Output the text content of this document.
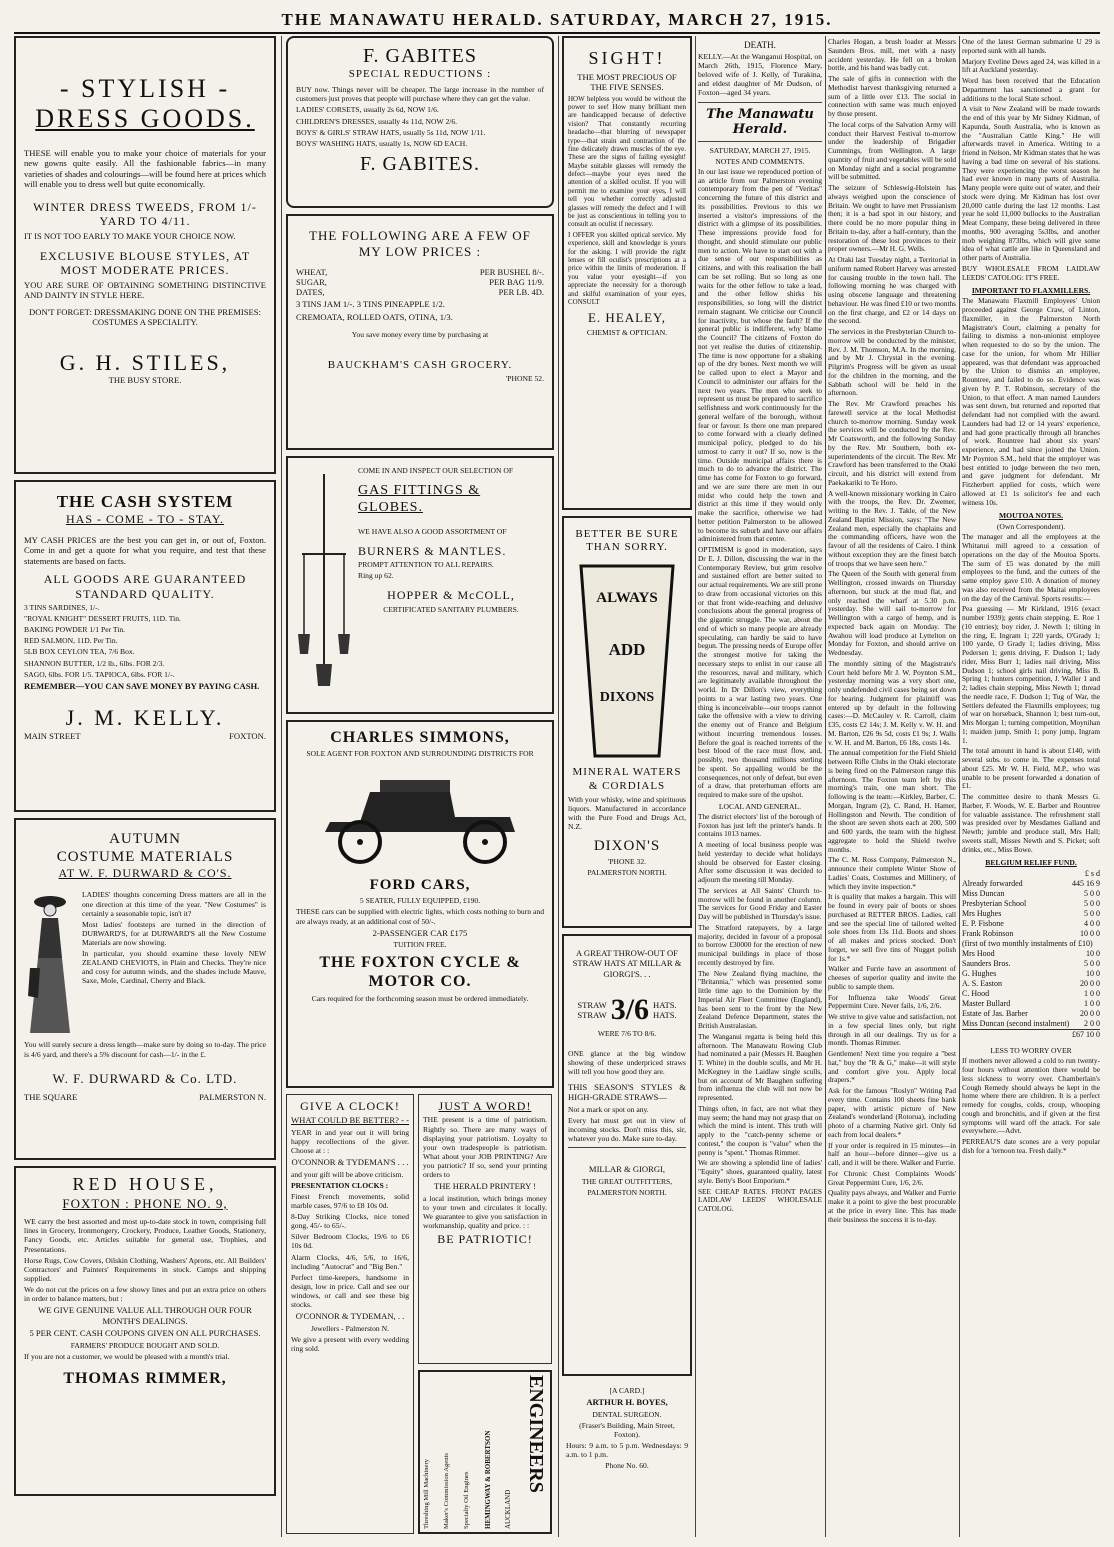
THE MANAWATU HERALD. SATURDAY, MARCH 27, 1915.
- STYLISH -
DRESS GOODS.

THESE will enable you to make your choice of materials for your new gowns quite easily. All the fashionable fabrics—in many varieties of shades and colourings—will be found here at prices which will enable you to dress well but quite economically.

WINTER DRESS TWEEDS, FROM 1/- YARD TO 4/11.

IT IS NOT TOO EARLY TO MAKE YOUR CHOICE NOW.

EXCLUSIVE BLOUSE STYLES, AT MOST MODERATE PRICES.

YOU ARE SURE OF OBTAINING SOMETHING DISTINCTIVE AND DAINTY IN STYLE HERE.

DON'T FORGET: DRESSMAKING DONE ON THE PREMISES: COSTUMES A SPECIALITY.

G. H. STILES,
THE BUSY STORE.
THE CASH SYSTEM
HAS - COME - TO - STAY.

MY CASH PRICES are the best you can get in, or out of, Foxton. Come in and get a quote for what you require, and test that these statements are based on facts.

ALL GOODS ARE GUARANTEED STANDARD QUALITY.

3 TINS SARDINES, 1/-.

"ROYAL KNIGHT" DESSERT FRUITS, 11D. Tin.

BAKING POWDER 1/1 Per Tin.

RED SALMON, 11D. Per Tin.

5LB BOX CEYLON TEA, 7/6 Box.

SHANNON BUTTER, 1/2 lb., 6lbs. FOR 2/3.

SAGO, 6lbs. FOR 1/5. TAPIOCA, 6lbs. FOR 1/-.

REMEMBER—YOU CAN SAVE MONEY BY PAYING CASH.

J. M. KELLY.
MAIN STREET	FOXTON.
AUTUMN
COSTUME MATERIALS
AT W. F. DURWARD & CO'S.

LADIES' thoughts concerning Dress matters are all in the one direction at this time of the year. "New Costumes" is certainly a seasonable topic, isn't it?

Most ladies' footsteps are turned in the direction of DURWARD'S, for at DURWARD'S all the New Costume Materials are now showing.

In particular, you should examine these lovely NEW ZEALAND CHEVIOTS, in Plain and Checks. They're nice and cosy for autumn winds, and the shades include Mauve, Saxe, Mole, Cardinal, Cherry and Black.

You will surely secure a dress length—make sure by doing so to-day. The price is 4/6 yard, and there's a 5% discount for cash—1/- in the £.

W. F. DURWARD & Co. LTD.
THE SQUARE	PALMERSTON N.
RED HOUSE,
FOXTON : PHONE NO. 9,

WE carry the best assorted and most up-to-date stock in town, comprising full lines in Grocery, Ironmongery, Crockery, Produce, Leather Goods, Stationery, Fancy Goods, etc. Articles suitable for general use, Trophies, and Presentations.

Horse Rugs, Cow Covers, Oilskin Clothing, Washers' Aprons, etc. All Builders' Contractors' and Painters' Requirements in stock. Camps and shipping supplied.

We do not cut the prices on a few showy lines and put an extra price on others in order to balance matters, but :

WE GIVE GENUINE VALUE ALL THROUGH OUR FOUR MONTH'S DEALINGS.

5 PER CENT. CASH COUPONS GIVEN ON ALL PURCHASES.

FARMERS' PRODUCE BOUGHT AND SOLD.

If you are not a customer, we would be pleased with a month's trial.

THOMAS RIMMER,
F. GABITES
SPECIAL REDUCTIONS :

BUY now. Things never will be cheaper. The large increase in the number of customers just proves that people will purchase where they can get the value.

LADIES' CORSETS, usually 2s 6d, NOW 1/6.

CHILDREN'S DRESSES, usually 4s 11d, NOW 2/6.

BOYS' & GIRLS' STRAW HATS, usually 5s 11d, NOW 1/11.

BOYS' WASHING HATS, usually 1s, NOW 6D EACH.

F. GABITES.
THE FOLLOWING ARE A FEW OF MY LOW PRICES :
WHEAT,	PER BUSHEL 8/-.
SUGAR,	PER BAG 11/9.
DATES,	PER LB. 4D.

3 TINS JAM 1/-. 3 TINS PINEAPPLE 1/2.

CREMOATA, ROLLED OATS, OTINA, 1/3.

You save money every time by purchasing at

BAUCKHAM'S CASH GROCERY.

'PHONE 52.

COME IN AND INSPECT OUR SELECTION OF

GAS FITTINGS & GLOBES.

WE HAVE ALSO A GOOD ASSORTMENT OF

BURNERS & MANTLES.

PROMPT ATTENTION TO ALL REPAIRS.

Ring up 62.

HOPPER & McCOLL,

CERTIFICATED SANITARY PLUMBERS.

CHARLES SIMMONS,

SOLE AGENT FOR FOXTON AND SURROUNDING DISTRICTS FOR

FORD CARS,

5 SEATER, FULLY EQUIPPED, £190.

THESE cars can be supplied with electric lights, which costs nothing to burn and are always ready, at an additional cost of 50/-.

2-PASSENGER CAR £175

TUITION FREE.

THE FOXTON CYCLE & MOTOR CO.

Cars required for the forthcoming season must be ordered immediately.

GIVE A CLOCK!

WHAT COULD BE BETTER? - -

YEAR in and year out it will bring happy recollections of the giver. Choose at : :

O'CONNOR & TYDEMAN'S . . .

and your gift will be above criticism.

PRESENTATION CLOCKS :

Finest French movements, solid marble cases, 97/6 to £8 10s 0d.

8-Day Striking Clocks, nice toned gong, 45/- to 65/-.

Silver Bedroom Clocks, 19/6 to £6 10s 0d.

Alarm Clocks, 4/6, 5/6, to 16/6, including "Autocrat" and "Big Ben."

Perfect time-keepers, handsome in design, low in price. Call and see our windows, or call and see these big stocks.

O'CONNOR & TYDEMAN, . .

Jewellers - Palmerston N.

We give a present with every wedding ring sold.

JUST A WORD!

THE present is a time of patriotism. Rightly so. There are many ways of displaying your patriotism. Loyalty to your own tradespeople is patriotism. What about your JOB PRINTING? Are you patriotic? If so, send your printing orders to

THE HERALD PRINTERY !

a local institution, which brings money to your town and circulates it locally. We guarantee to give you satisfaction in workmanship, quality and price. : :

BE PATRIOTIC!

Threshing Mill Machinery	Maker's Commission Agents	Specialty Oil Engines	HEMINGWAY & ROBERTSON	AUCKLAND
ENGINEERS
SIGHT!

THE MOST PRECIOUS OF THE FIVE SENSES.

HOW helpless you would be without the power to see! How many brilliant men are handicapped because of defective vision? That constantly recurring headache—that blurring of newspaper type—that strain and contraction of the fine delicately drawn muscles of the eye. These are the signs of failing eyesight! Maybe suitable glasses will remedy the defect—maybe your eyes need the attention of a skilled oculist. If you will permit me to examine your eyes, I will tell you whether correctly adjusted glasses will remedy the defect and I will be just as conscientious in telling you to consult an oculist if necessary.

I OFFER you skilled optical service. My experience, skill and knowledge is yours for the asking. I will provide the right lenses or fill oculist's prescriptions at a price within the limits of moderation. If you value your eyesight—if you appreciate the necessity for a thorough and skilful examination of your eyes, CONSULT

E. HEALEY,

CHEMIST & OPTICIAN.

BETTER BE SURE THAN SORRY.
ALWAYS
ADD
DIXONS
MINERAL WATERS & CORDIALS

With your whisky, wine and spirituous liquors. Manufactured in accordance with the Pure Food and Drugs Act, N.Z.

DIXON'S

'PHONE 32.

PALMERSTON NORTH.

A GREAT THROW-OUT OF STRAW HATS AT MILLAR & GIORGI'S. . .

STRAW
STRAW 3/6 HATS.
HATS.

WERE 7/6 TO 8/6.

ONE glance at the big window showing of these underpriced straws will tell you how good they are.

THIS SEASON'S STYLES & HIGH-GRADE STRAWS—

Not a mark or spot on any.

Every hat must get out in view of incoming stocks. Don't miss this, sir, whatever you do. Make sure to-day.

MILLAR & GIORGI,

THE GREAT OUTFITTERS,

PALMERSTON NORTH.

[A CARD.]

ARTHUR H. BOYES,

DENTAL SURGEON.

(Fraser's Building, Main Street, Foxton).

Hours: 9 a.m. to 5 p.m. Wednesdays: 9 a.m. to 1 p.m.

Phone No. 60.

DEATH.

KELLY.—At the Wanganui Hospital, on March 26th, 1915, Florence Mary, beloved wife of J. Kelly, of Turakina, and eldest daughter of Mr Dudson, of Foxton—aged 34 years.

The Manawatu Herald.

SATURDAY, MARCH 27, 1915.

NOTES AND COMMENTS.

In our last issue we reproduced portion of an article from our Palmerston evening contemporary from the pen of "Veritas" concerning the future of this district and its possibilities. Previous to this we inserted a visitor's impressions of the district with a glimpse of its possibilities. These impressions provide food for thought, and should stimulate our public men to action. We have to start out with a due sense of our responsibilities as citizens, and with this realisation the ball can be set rolling. But so long as one waits for the other fellow to take a lead, and the other fellow shirks his responsibilities, so long will the district remain stagnant. We criticise our Council for inactivity, but whose the fault? If the general public is indifferent, why blame the Council? The citizens of Foxton do not yet realise the duties of citizenship. The time is now opportune for a shaking up of the dry bones. Next month we will be called upon to elect a Mayor and Council to administer our affairs for the next two years. The men who seek to represent us must be prepared to sacrifice selfishness and work continuously for the general welfare of the borough, without fear or favour. Is there one man prepared to come forward with a clearly defined municipal policy, pledged to do his utmost to carry it out? If so, now is the time. Outside municipal affairs there is much to do to advance the district. The time has come for Foxton to go forward, and we are sure there are men in our midst who could help the town and district at this time if they would only make the sacrifice, otherwise we had better petition Palmerston to be allowed to become its suburb and have our affairs administered from that centre.

OPTIMISM is good in moderation, says Dr E. J. Dillon, discussing the war in the Contemporary Review, but grim resolve and sustained effort are better suited to our actual requirements. We are still prone to draw from occasional victories on this or that front wide-reaching and delusive conclusions about the general progress of the gigantic struggle. The war, about the end of which so many people are already speculating, can hardly be said to have begun. The pressing needs of Europe offer the strongest motive for taking the necessary steps to enlist in our cause all the resources, naval and military, which are legitimately available throughout the world. In Dr Dillon's view, everything points to a war lasting two years. One thing is inconceivable—our troops cannot take the offensive with a view to driving the enemy out of France and Belgium without incurring tremendous losses. Before the goal is reached torrents of the best blood of the race must flow, and, possibly, two thousand millions sterling be spent. So appalling would be the consequences, not only of defeat, but even of a draw, that preterhuman efforts are required to make sure of the upshot.

LOCAL AND GENERAL.

The district electors' list of the borough of Foxton has just left the printer's hands. It contains 1013 names.

A meeting of local business people was held yesterday to decide what holidays should be observed for Easter closing. After some discussion it was decided to adjourn the meeting till Monday.

The services at All Saints' Church to-morrow will be found in another column. The services for Good Friday and Easter Day will be published in Thursday's issue.

The Stratford ratepayers, by a large majority, decided in favour of a proposal to borrow £30000 for the erection of new municipal buildings in place of those recently destroyed by fire.

The New Zealand flying machine, the "Britannia," which was presented some little time ago to the Dominion by the Imperial Air Fleet Committee (England), has been sent to the front by the New Zealand Defence Department, states the British Australasian.

The Wanganui regatta is being held this afternoon. The Manawatu Rowing Club had nominated a pair (Messrs H. Baughen T. White) in the double sculls, and Mr H. McKegney in the Laidlaw single sculls, but on account of Mr Baughen suffering from influenza the club will not now be represented.

Things often, in fact, are not what they may seem; the hand may not grasp that on which the mind is intent. This truth will apply to the "catch-penny scheme or contest," the coupon is "value" when the penny is "spent." Thomas Rimmer.

We are showing a splendid line of ladies' "Equity" shoes, guaranteed quality, latest style. Betty's Boot Emporium.*

SEE CHEAP RATES. FRONT PAGES LAIDLAW LEEDS' WHOLESALE CATOLOG.

Charles Hogan, a brush loader at Messrs Saunders Bros. mill, met with a nasty accident yesterday. He fell on a broken bottle, and his hand was badly cut.

The sale of gifts in connection with the Methodist harvest thanksgiving returned a sum of a little over £13. The social in connection with same was much enjoyed by those present.

The local corps of the Salvation Army will conduct their Harvest Festival to-morrow under the leadership of Brigadier Cummings, from Wellington. A large quantity of fruit and vegetables will be sold on Monday night and a social programme will be submitted.

The seizure of Schleswig-Holstein has always weighed upon the conscience of Britain. We ought to have met Prussianism then; it is a bad spot in our history, and there could be no more popular thing in Britain to-day, after a half-century, than the restoration of these lost provinces to their proper owners.—Mr H. G. Wells.

At Otaki last Tuesday night, a Territorial in uniform named Robert Harvey was arrested for causing trouble in the town hall. The following morning he was charged with using obscene language and threatening behaviour. He was fined £10 or two months on the first charge, and £2 or 14 days on the second.

The services in the Presbyterian Church to-morrow will be conducted by the minister, Rev. J. M. Thomson, M.A. In the morning, and by Mr J. Chrystal in the evening. Pilgrim's Progress will be given as usual for the children in the morning, and the Sabbath school will be held in the afternoon.

The Rev. Mr Crawford preaches his farewell service at the local Methodist church to-morrow morning. Sunday week the services will be conducted by the Rev. Mr Coatsworth, and the following Sunday by the Rev. Mr Southern, both ex-superintendents of the circuit. The Rev. Mr Crawford has been transferred to the Otaki circuit, and his district will extend from Paekakariki to Te Horo.

A well-known missionary working in Cairo with the troops, the Rev. Dr. Zwemer, writing to the Rev. J. Takle, of the New Zealand Baptist Mission, says: "The New Zealand men, especially the chaplains and the commanding officers, have won the favour of all the residents of Cairo. I think without exception they are the finest batch of troops that we have seen here."

The Queen of the South with general from Wellington, crossed inwards on Thursday afternoon, but stuck at the mud flat, and only reached the wharf at 5.30 p.m. yesterday. She will sail to-morrow for Wellington with a cargo of hemp, and is expected back again on Monday. The Awahou will load produce at Lyttelton on Monday for Foxton, and should arrive on Wednesday.

The monthly sitting of the Magistrate's Court held before Mr J. W. Poynton S.M., yesterday morning was a very short one, only undefended civil cases being set down for hearing. Judgment for plaintiff was entered up by default in the following cases:—D. McCauley v. R. Carroll, claim £35, costs £2 14s; J. M. Kelly v. W. H. and M. Barton, £26 9s 5d, costs £1 9s; J. Walls v. W. H. and M. Barton, £6 18s, costs 14s.

The annual competition for the Field Shield between Rifle Clubs in the Otaki electorate is being fired on the Palmerston range this afternoon. The Foxton team left by this morning's train, one man short. The following is the team:—Kirkley, Barber, C. Morgan, Ingram (2), C. Rand, H. Hamer, Hollingston and Newth. The condition of the shoot are seven shots each at 200, 500 and 600 yards, the team with the highest aggregate to hold the Shield twelve months.

The C. M. Ross Company, Palmerston N., announce their complete Winter Show of Ladies' Coats, Costumes and Millinery, of which they invite inspection.*

It is quality that makes a bargain. This will be found in every pair of boots or shoes purchased at RETTER BROS. Ladies, call and see the special line of tailored welted sole shoes from 13s 11d. Boots and shoes of all makes and prices stocked. Don't forget, we sell five tins of Nugget polish for 1s.*

Walker and Furrie have an assortment of cheeses of superior quality and invite the public to sample them.

For Influenza take Woods' Great Peppermint Cure. Never fails, 1/6, 2/6.

We strive to give value and satisfaction, not in a few special lines only, but right through in all our dealings. Try us for a month. Thomas Rimmer.

Gentlemen! Next time you require a "best hat," buy the "R & G," make—it will style and comfort give you. Apply local drapers.*

Ask for the famous "Roslyn" Writing Pad every time. Contains 100 sheets fine bank paper, with artistic picture of New Zealand's wonderland (Rotorua), including photo of a charming Native girl. Only 6d each from local dealers.*

If your order is required in 15 minutes—in half an hour—before dinner—give us a call, and it will be there. Walker and Furrie.

For Chronic Chest Complaints Woods' Great Peppermint Cure, 1/6, 2/6.

Quality pays always, and Walker and Furrie make it a point to give the best procurable at the price in every line. This has made their business the success it is to-day.

One of the latest German submarine U 29 is reported sunk with all hands.

Marjory Eveline Dews aged 24, was killed in a lift at Auckland yesterday.

Word has been received that the Education Department has sanctioned a grant for additions to the local State school.

A visit to New Zealand will be made towards the end of this year by Mr Sidney Kidman, of Kapunda, South Australia, who is known as the "Australian Cattle King." He will afterwards travel in America. Writing to a friend in Nelson, Mr Kidman states that he was having a bad time on several of his stations. They were experiencing the worst season he had ever known in many parts of Australia. Many people were quite out of water, and their stock were dying. Mr Kidman has lost over 20,000 cattle during the last 12 months. Last year he sold 11,000 bullocks to the Australian Meat Company, these being delivered in three months, 900 averaging 5s3lbs, and another mob weighing 873lbs, which will give some idea of what cattle are like in Queensland and other parts of Australia.

BUY WHOLESALE FROM LAIDLAW LEEDS' CATOLOG: IT'S FREE.

IMPORTANT TO FLAXMILLERS.

The Manawatu Flaxmill Employees' Union proceeded against George Craw, of Linton, flaxmiller, in the Palmerston North Magistrate's Court, claiming a penalty for failing to dismiss a non-unionist employee when requested to do so by the union. The case for the union, for whom Mr Hillier appeared, was that defendant was approached by the Union to dismiss an employee, Rountree, and failed to do so. Evidence was given by P. T. Robinson, secretary of the Union, to that effect. A man named Launders was sent down, but returned and reported that defendant had not complied with the award. Launders had had 12 or 14 years' experience, and had gone practically through all branches of work. Rountree had about six years' experience, and had since joined the Union. Mr Poynton S.M., held that the employer was best entitled to judge between the two men, and gave judgment for defendant. Mr Fitzherbert applied for costs, which were allowed at £1 1s solicitor's fee and each witness 10s.

MOUTOA NOTES.

(Own Correspondent).

The manager and all the employees at the Whitanui mill agreed to a cessation of operations on the day of the Moutoa Sports. The sum of £5 was donated by the mill employees to the fund, and the cutters of the same employ gave £10. A donation of money was also received from the Maitai employees on the day of the Carnival. Sports results:—

Pea guessing — Mr Kirkland, 1916 (exact number 1939); gents chain stepping, E. Roe 1 (10 entries); boy rider, J. Newth 1; tilting in the ring, E. Ingram 1; 220 yards, O'Grady 1; 100 yarde, O Grady 1; ladies driving, Miss Pedersen 1; gents driving, F. Dudson 1; lady rider, Miss Burr 1; ladies nail driving, Miss Dudson 1; school girls nail driving, Miss B. Spring 1; hunters competition, J. Waller 1 and 2; ladies chain stepping, Miss Newth 1; thread the needle race, F. Dudson 1; Tug of War, the Settlers defeated the Flaxmills employees; tug of war on horseback, Shannon 1; best turn-out, Mrs Morgan 1; turning competition, Moynihan 1; maiden jump, Smith 1; pony jump, Ingram 1.

The total amount in hand is about £140, with several subs. to come in. The expenses total about £25. Mr W. H. Field, M.P., who was unable to be present forwarded a donation of £1.

The committee desire to thank Messrs G. Barber, F. Woods, W. E. Barber and Rountree for valuable assistance. The refreshment stall was presided over by Mesdames Galland and Newth; jumble and produce stall, Mrs Hall; sweets stall, Misses Newth and S. Picket; soft drinks, etc., Miss Bowe.

BELGIUM RELIEF FUND.

£ s d
Already forwarded	445 16 9
Miss Duncan	5 0 0
Presbyterian School	5 0 0
Mrs Hughes	5 0 0
E. P. Fisbone	4 0 0
Frank Robinson	10 0 0
(first of two monthly instalments of £10)
Mrs Hood	10 0
Saunders Bros.	5 0 0
G. Hughes	10 0
A. S. Easton	20 0 0
C. Hood	1 0 0
Master Bullard	1 0 0
Estate of Jas. Barber	20 0 0
Miss Duncan (second instalment) 2 0 0
£67 10 0

LESS TO WORRY OVER

If mothers never allowed a cold to run twenty-four hours without attention there would be less sickness to worry over. Chamberlain's Cough Remedy should always be kept in the home where there are children. It is a perfect remedy for coughs, colds, croup, whooping cough and bronchitis, and if given at the first symptoms will ward off the attack. For sale everywhere.—Advt.

PERREAU'S date scones are a very popular dish for a 'ternoon tea. Fresh daily.*
